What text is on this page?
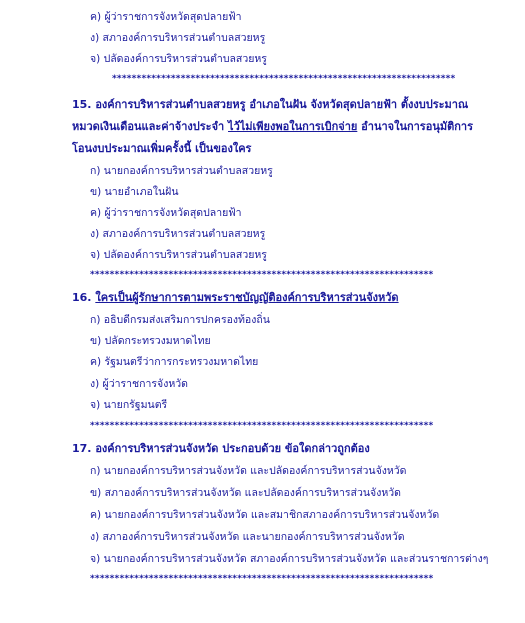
ค) ผู้ว่าราชการจังหวัดสุดปลายฟ้า
ง) สภาองค์การบริหารส่วนตำบลสวยหรู
จ) ปลัดองค์การบริหารส่วนตำบลสวยหรู
**********************************************************************
15. องค์การบริหารส่วนตำบลสวยหรู อำเภอในฝัน จังหวัดสุดปลายฟ้า ตั้งงบประมาณ
หมวดเงินเดือนและค่าจ้างประจำ ไว้ไม่เพียงพอในการเบิกจ่าย อำนาจในการอนุมัติการ
โอนงบประมาณเพิ่มครั้งนี้ เป็นของใคร
ก) นายกองค์การบริหารส่วนตำบลสวยหรู
ข) นายอำเภอในฝัน
ค) ผู้ว่าราชการจังหวัดสุดปลายฟ้า
ง) สภาองค์การบริหารส่วนตำบลสวยหรู
จ) ปลัดองค์การบริหารส่วนตำบลสวยหรู
**********************************************************************
16. ใครเป็นผู้รักษาการตามพระราชบัญญัติองค์การบริหารส่วนจังหวัด
ก) อธิบดีกรมส่งเสริมการปกครองท้องถิ่น
ข) ปลัดกระทรวงมหาดไทย
ค) รัฐมนตรีว่าการกระทรวงมหาดไทย
ง) ผู้ว่าราชการจังหวัด
จ) นายกรัฐมนตรี
**********************************************************************
17. องค์การบริหารส่วนจังหวัด ประกอบด้วย ข้อใดกล่าวถูกต้อง
ก) นายกองค์การบริหารส่วนจังหวัด และปลัดองค์การบริหารส่วนจังหวัด
ข) สภาองค์การบริหารส่วนจังหวัด และปลัดองค์การบริหารส่วนจังหวัด
ค) นายกองค์การบริหารส่วนจังหวัด และสมาชิกสภาองค์การบริหารส่วนจังหวัด
ง) สภาองค์การบริหารส่วนจังหวัด และนายกองค์การบริหารส่วนจังหวัด
จ) นายกองค์การบริหารส่วนจังหวัด สภาองค์การบริหารส่วนจังหวัด และส่วนราชการต่างๆ
**********************************************************************
